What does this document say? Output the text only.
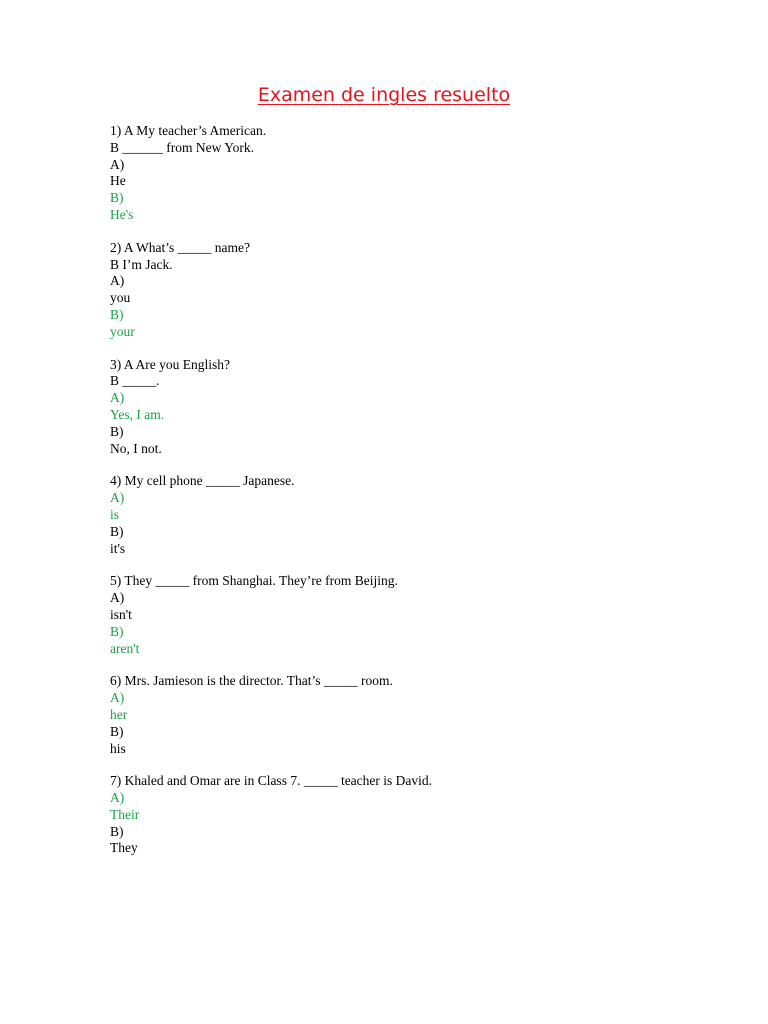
Examen de ingles resuelto
1) A My teacher’s American.
B ______ from New York.
A)
He
B)
He's
2) A What’s _____ name?
B I’m Jack.
A)
you
B)
your
3) A Are you English?
B _____.
A)
Yes, I am.
B)
No, I not.
4) My cell phone _____ Japanese.
A)
is
B)
it's
5) They _____ from Shanghai. They’re from Beijing.
A)
isn't
B)
aren't
6) Mrs. Jamieson is the director. That’s _____ room.
A)
her
B)
his
7) Khaled and Omar are in Class 7. _____ teacher is David.
A)
Their
B)
They
